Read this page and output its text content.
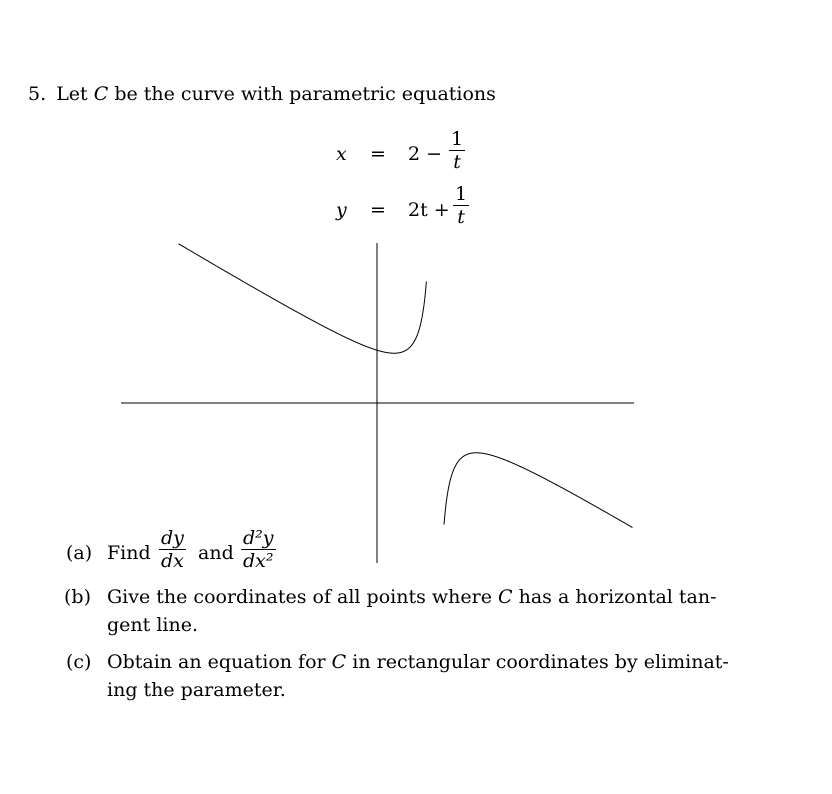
5. Let C be the curve with parametric equations
x = 2 −
1
t
y = 2t +
1
t
(a) Find
dy
dx and
d²y
dx²
(b) Give the coordinates of all points where C has a horizontal tan-
gent line.
(c) Obtain an equation for C in rectangular coordinates by eliminat-
ing the parameter.
